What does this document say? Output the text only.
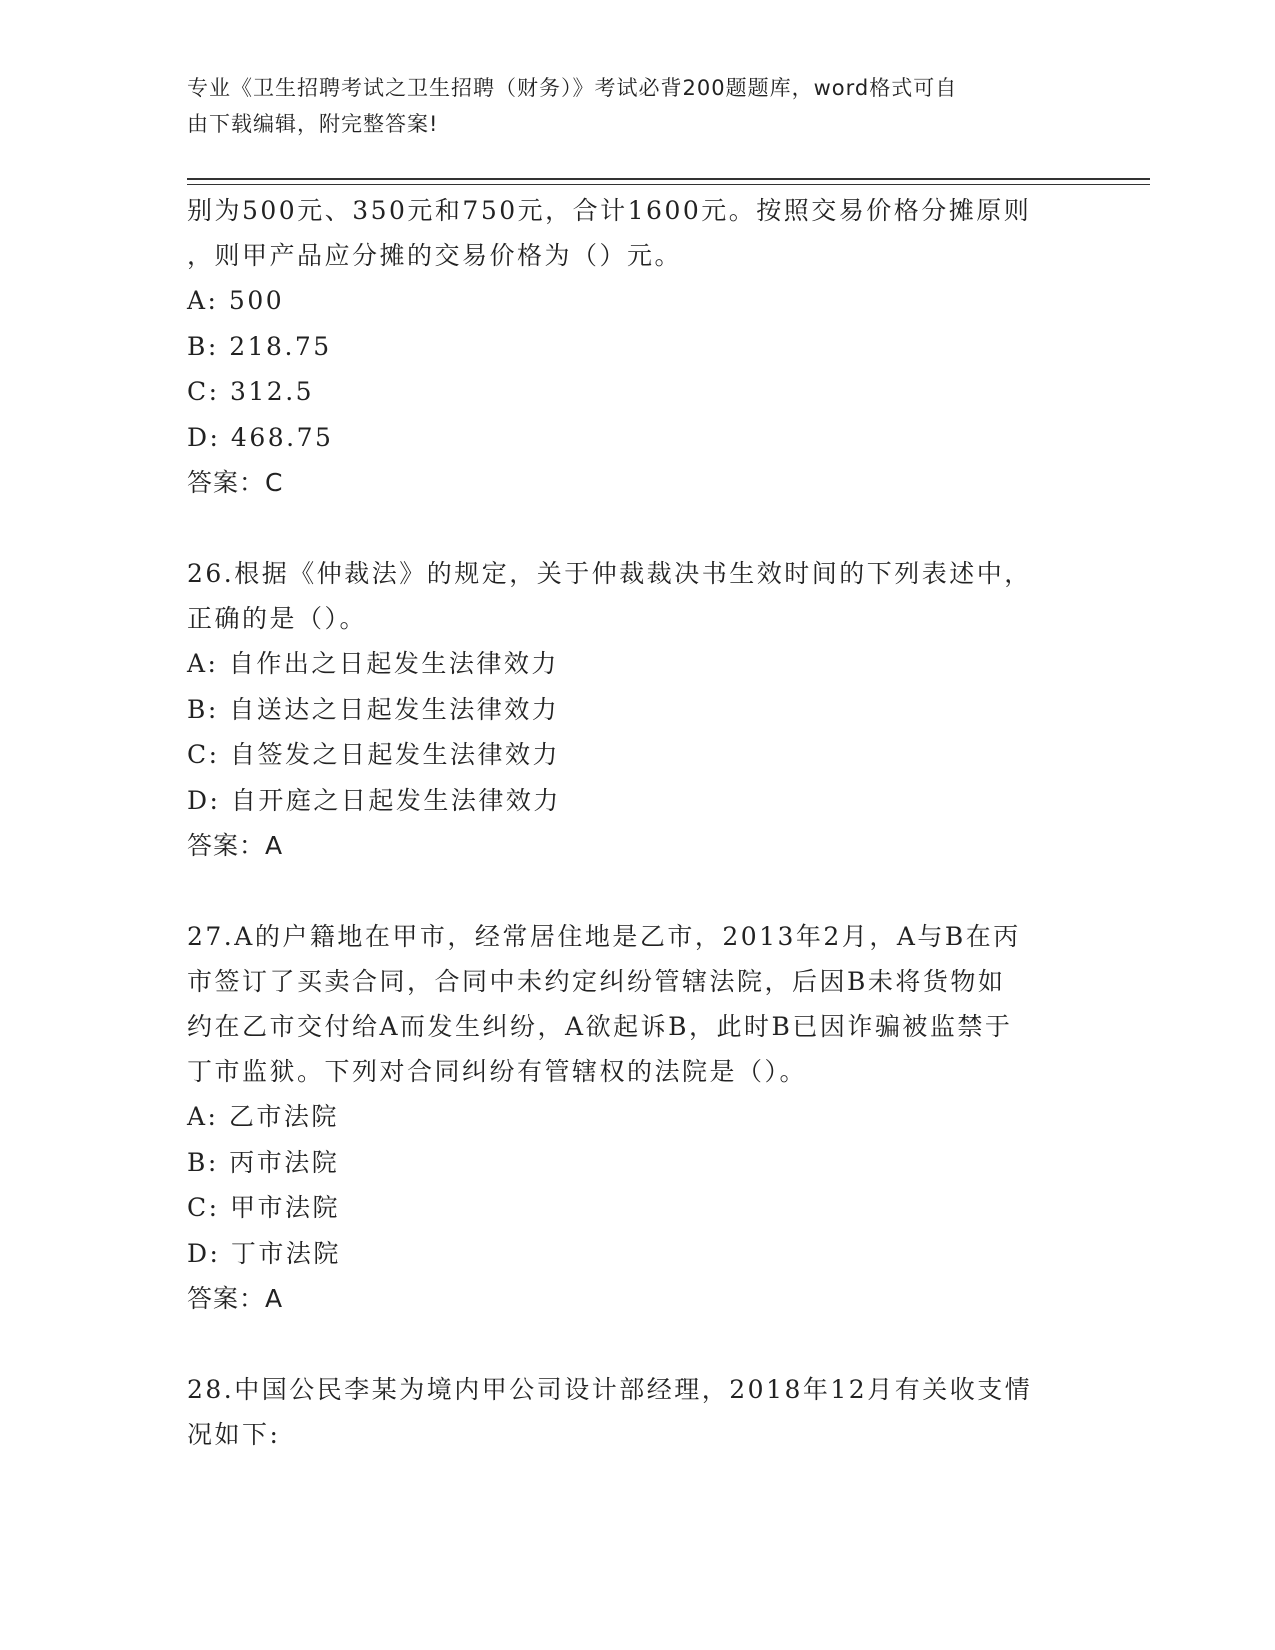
专业《卫生招聘考试之卫生招聘（财务）》考试必背200题题库，word格式可自
由下载编辑，附完整答案!
别为500元、350元和750元，合计1600元。按照交易价格分摊原则
，则甲产品应分摊的交易价格为（）元。
A: 500
B: 218.75
C: 312.5
D: 468.75
答案：C
26.根据《仲裁法》的规定，关于仲裁裁决书生效时间的下列表述中，
正确的是（）。
A: 自作出之日起发生法律效力
B: 自送达之日起发生法律效力
C: 自签发之日起发生法律效力
D: 自开庭之日起发生法律效力
答案：A
27.A的户籍地在甲市，经常居住地是乙市，2013年2月，A与B在丙
市签订了买卖合同，合同中未约定纠纷管辖法院，后因B未将货物如
约在乙市交付给A而发生纠纷，A欲起诉B，此时B已因诈骗被监禁于
丁市监狱。下列对合同纠纷有管辖权的法院是（）。
A: 乙市法院
B: 丙市法院
C: 甲市法院
D: 丁市法院
答案：A
28.中国公民李某为境内甲公司设计部经理，2018年12月有关收支情
况如下:
